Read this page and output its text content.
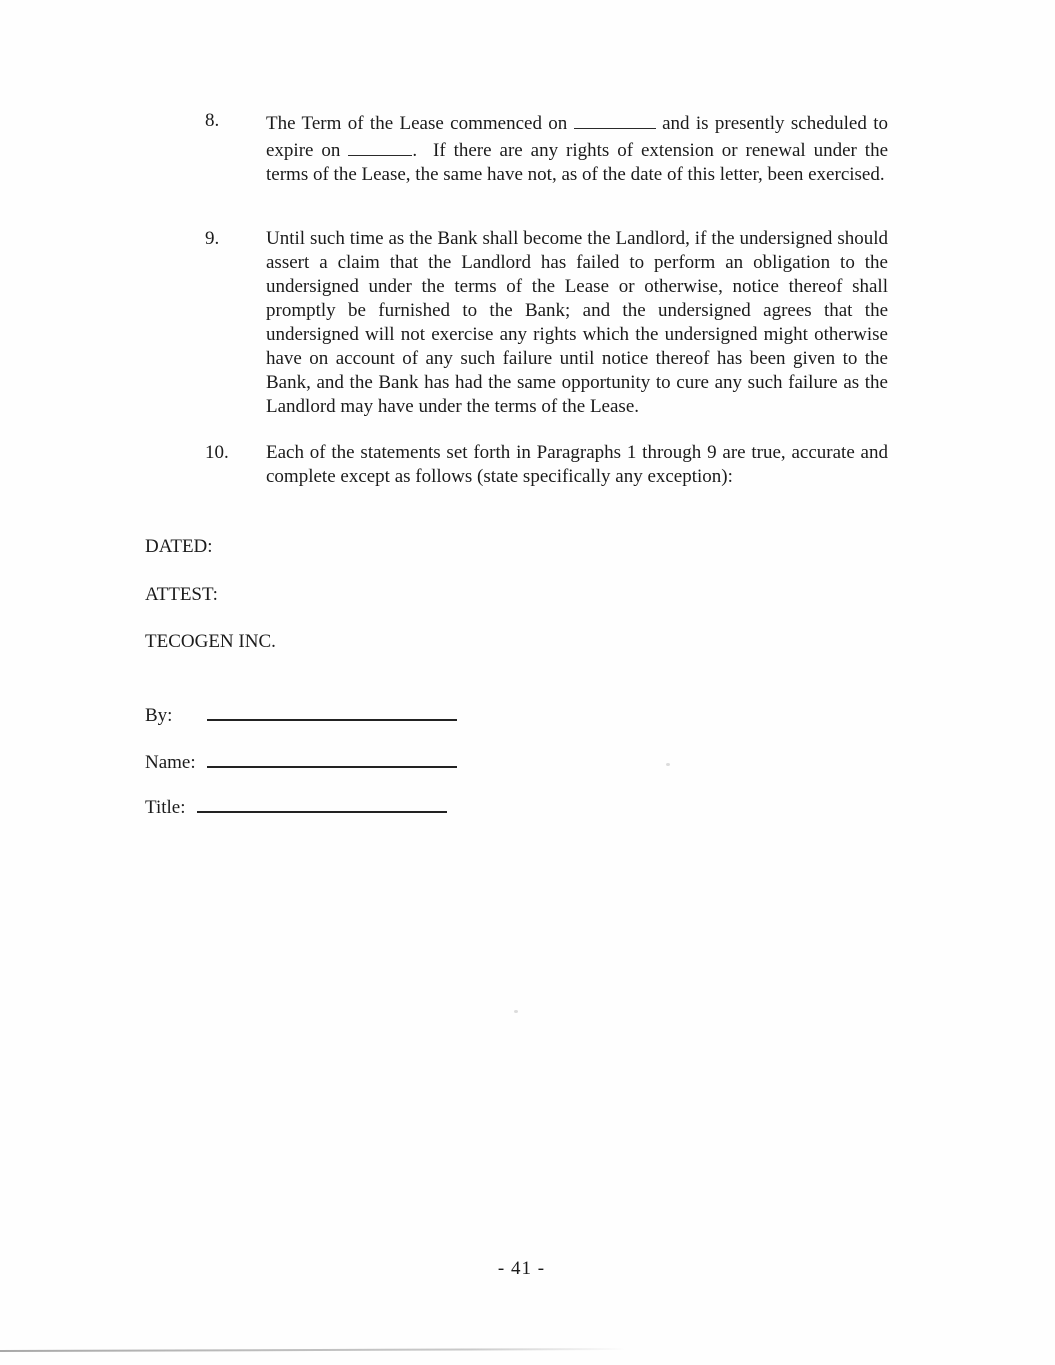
8.	The Term of the Lease commenced on	and is presently scheduled to expire on	.  If there are any rights of extension or renewal under the terms of the Lease, the same have not, as of the date of this letter, been exercised.
9.	Until such time as the Bank shall become the Landlord, if the undersigned should assert a claim that the Landlord has failed to perform an obligation to the undersigned under the terms of the Lease or otherwise, notice thereof shall promptly be furnished to the Bank; and the undersigned agrees that the undersigned will not exercise any rights which the undersigned might otherwise have on account of any such failure until notice thereof has been given to the Bank, and the Bank has had the same opportunity to cure any such failure as the Landlord may have under the terms of the Lease.
10.	Each of the statements set forth in Paragraphs 1 through 9 are true, accurate and complete except as follows (state specifically any exception):
DATED:
ATTEST:
TECOGEN INC.
By:
Name:
Title:
- 41 -
